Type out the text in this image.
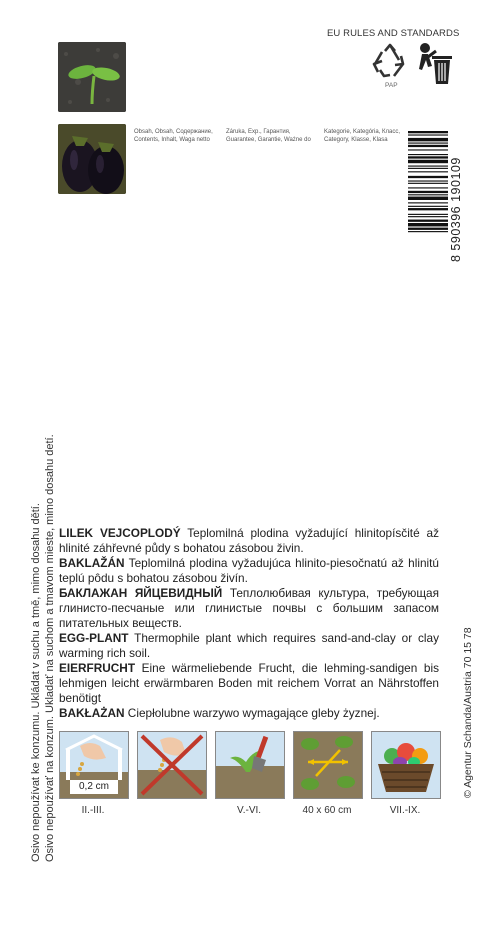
Osivo nepoužívat ke konzumu. Ukládat v suchu a tmě, mimo dosahu dětí. Osivo nepoužívať na konzum. Ukladať na suchom a tmavom mieste, mimo dosahu detí.
Obsah, Obsah, Содержание,
Contents, Inhalt, Waga netto
Záruka, Exp., Гарантия,
Guarantee, Garantie, Ważne do
Kategorie, Kategória, Класс,
Category, Klasse, Klasa
EU RULES AND STANDARDS
PAP
8 590396 190109

LILEK VEJCOPLODÝ Teplomilná plodina vyžadující hlinitopísčité až hlinité záhřevné půdy s bohatou zásobou živin.

BAKLAŽÁN Teplomilná plodina vyžadujúca hlinito-piesočnatú až hlinitú teplú pôdu s bohatou zásobou živín.

БАКЛАЖАН ЯЙЦЕВИДНЫЙ Теплолюбивая культура, требующая глинисто-песчаные или глинистые почвы с большим запасом питательных веществ.

EGG-PLANT Thermophile plant which requires sand-and-clay or clay warming rich soil.

EIERFRUCHT Eine wärmeliebende Frucht, die lehming-sandigen bis lehmigen leicht erwärmbaren Boden mit reichem Vorrat an Nährstoffen benötigt

BAKŁAŻAN Ciepłolubne warzywo wymagające gleby żyznej.	© Agentur Schanda/Austria 70 15 78
0,2 cm
II.-III.	V.-VI.	40 x 60 cm	VII.-IX.
